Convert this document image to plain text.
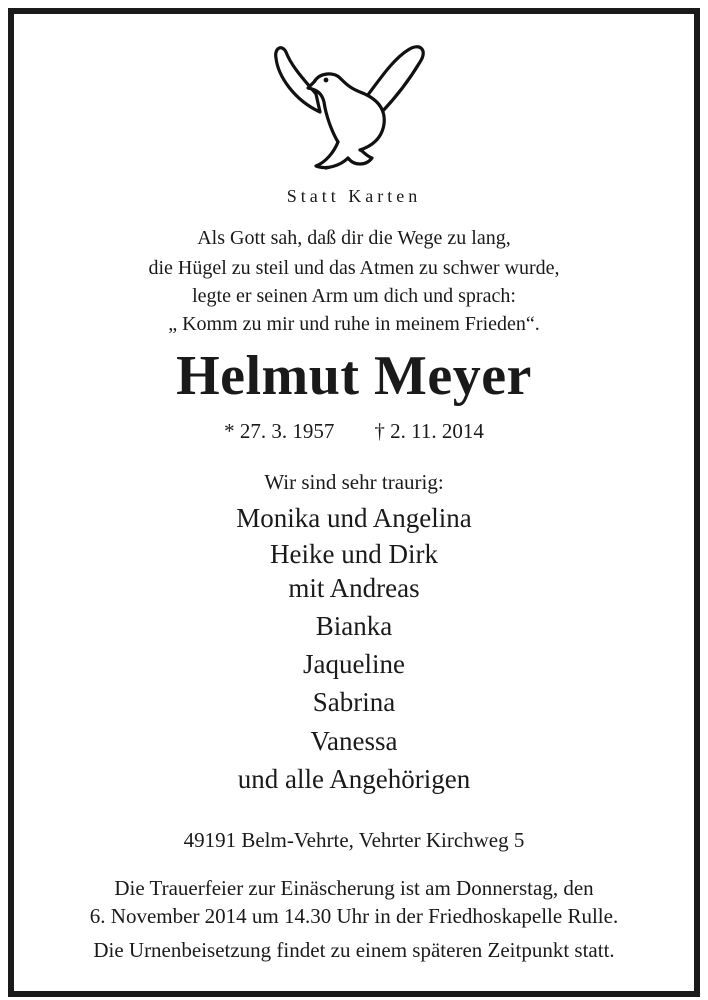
Statt Karten
Als Gott sah, daß dir die Wege zu lang,
die Hügel zu steil und das Atmen zu schwer wurde,
legte er seinen Arm um dich und sprach:
„ Komm zu mir und ruhe in meinem Frieden“.
Helmut Meyer
* 27. 3. 1957 † 2. 11. 2014
Wir sind sehr traurig:
Monika und Angelina
Heike und Dirk
mit Andreas
Bianka
Jaqueline
Sabrina
Vanessa
und alle Angehörigen
49191 Belm-Vehrte, Vehrter Kirchweg 5
Die Trauerfeier zur Einäscherung ist am Donnerstag, den
6. November 2014 um 14.30 Uhr in der Friedhoskapelle Rulle.
Die Urnenbeisetzung findet zu einem späteren Zeitpunkt statt.
